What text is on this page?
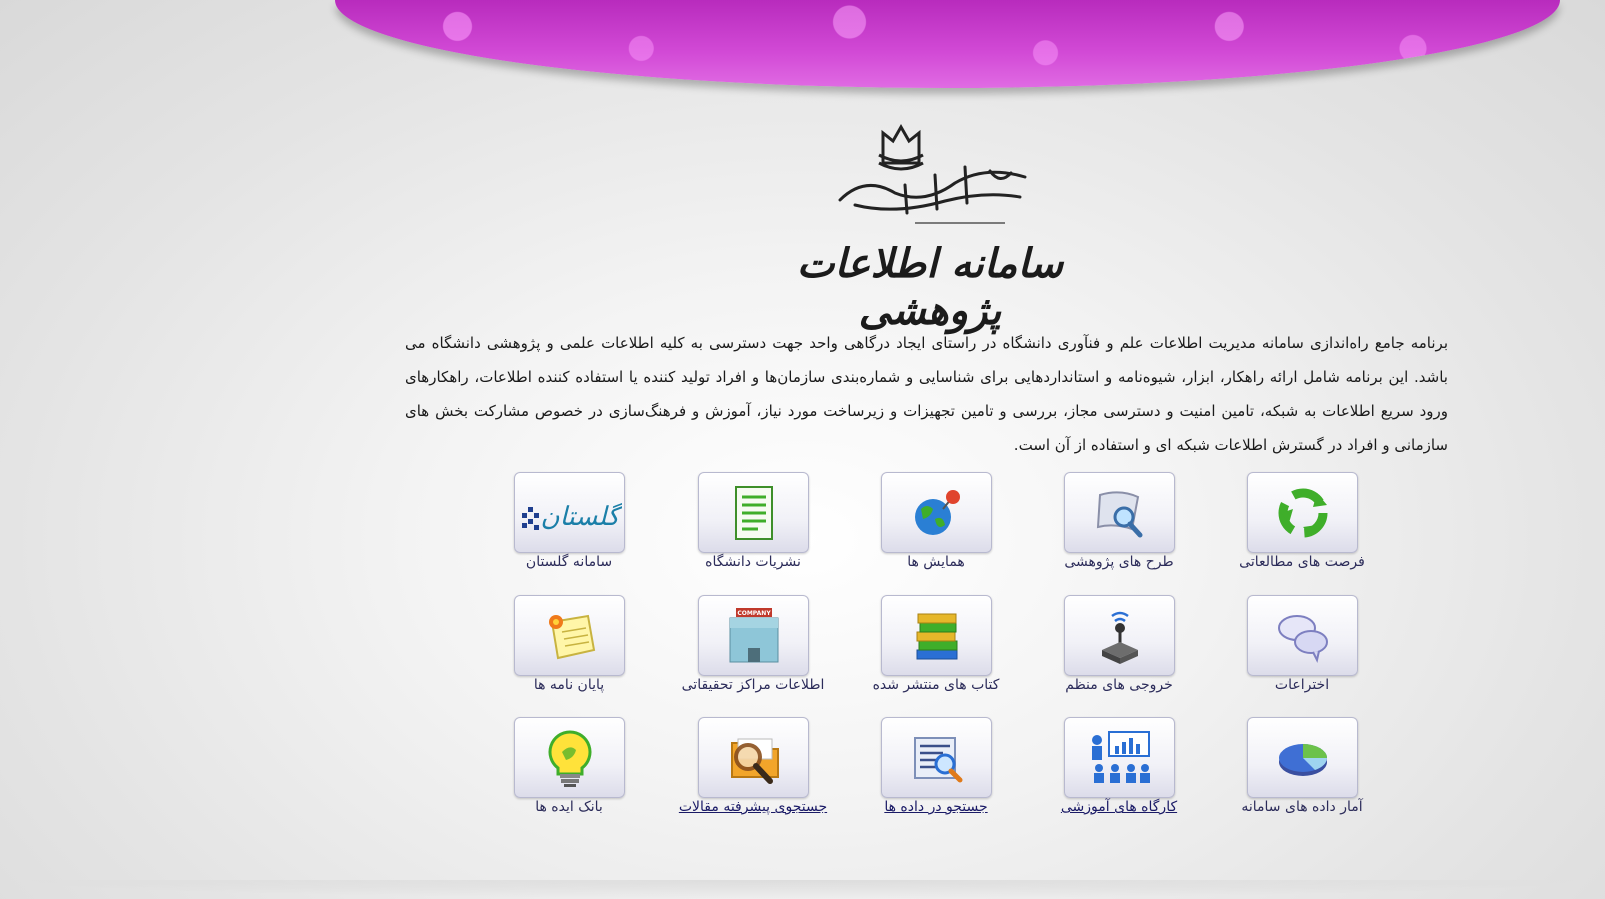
سامانه اطلاعات پژوهشی
برنامه جامع راه‌اندازی سامانه مدیریت اطلاعات علم و فنآوری دانشگاه در راستای ایجاد درگاهی واحد جهت دسترسی به کلیه اطلاعات علمی و پژوهشی دانشگاه می باشد. این برنامه شامل ارائه راهکار، ابزار، شیوه‌نامه و استانداردهایی برای شناسایی و شماره‌بندی سازمان‌ها و افراد تولید کننده یا استفاده کننده اطلاعات، راهکارهای ورود سریع اطلاعات به شبکه، تامین امنیت و دسترسی مجاز، بررسی و تامین تجهیزات و زیرساخت مورد نیاز، آموزش و فرهنگ‌سازی در خصوص مشارکت بخش های سازمانی و افراد در گسترش اطلاعات شبکه ای و استفاده از آن است.
فرصت های مطالعاتی
طرح های پژوهشی
همایش ها
نشریات دانشگاه
گلستان
سامانه گلستان
اختراعات
خروجی های منظم
کتاب های منتشر شده
COMPANY
اطلاعات مراکز تحقیقاتی
پایان نامه ها
آمار داده های سامانه
کارگاه های آموزشی
جستجو در داده ها
جستجوی پیشرفته مقالات
بانک ایده ها
